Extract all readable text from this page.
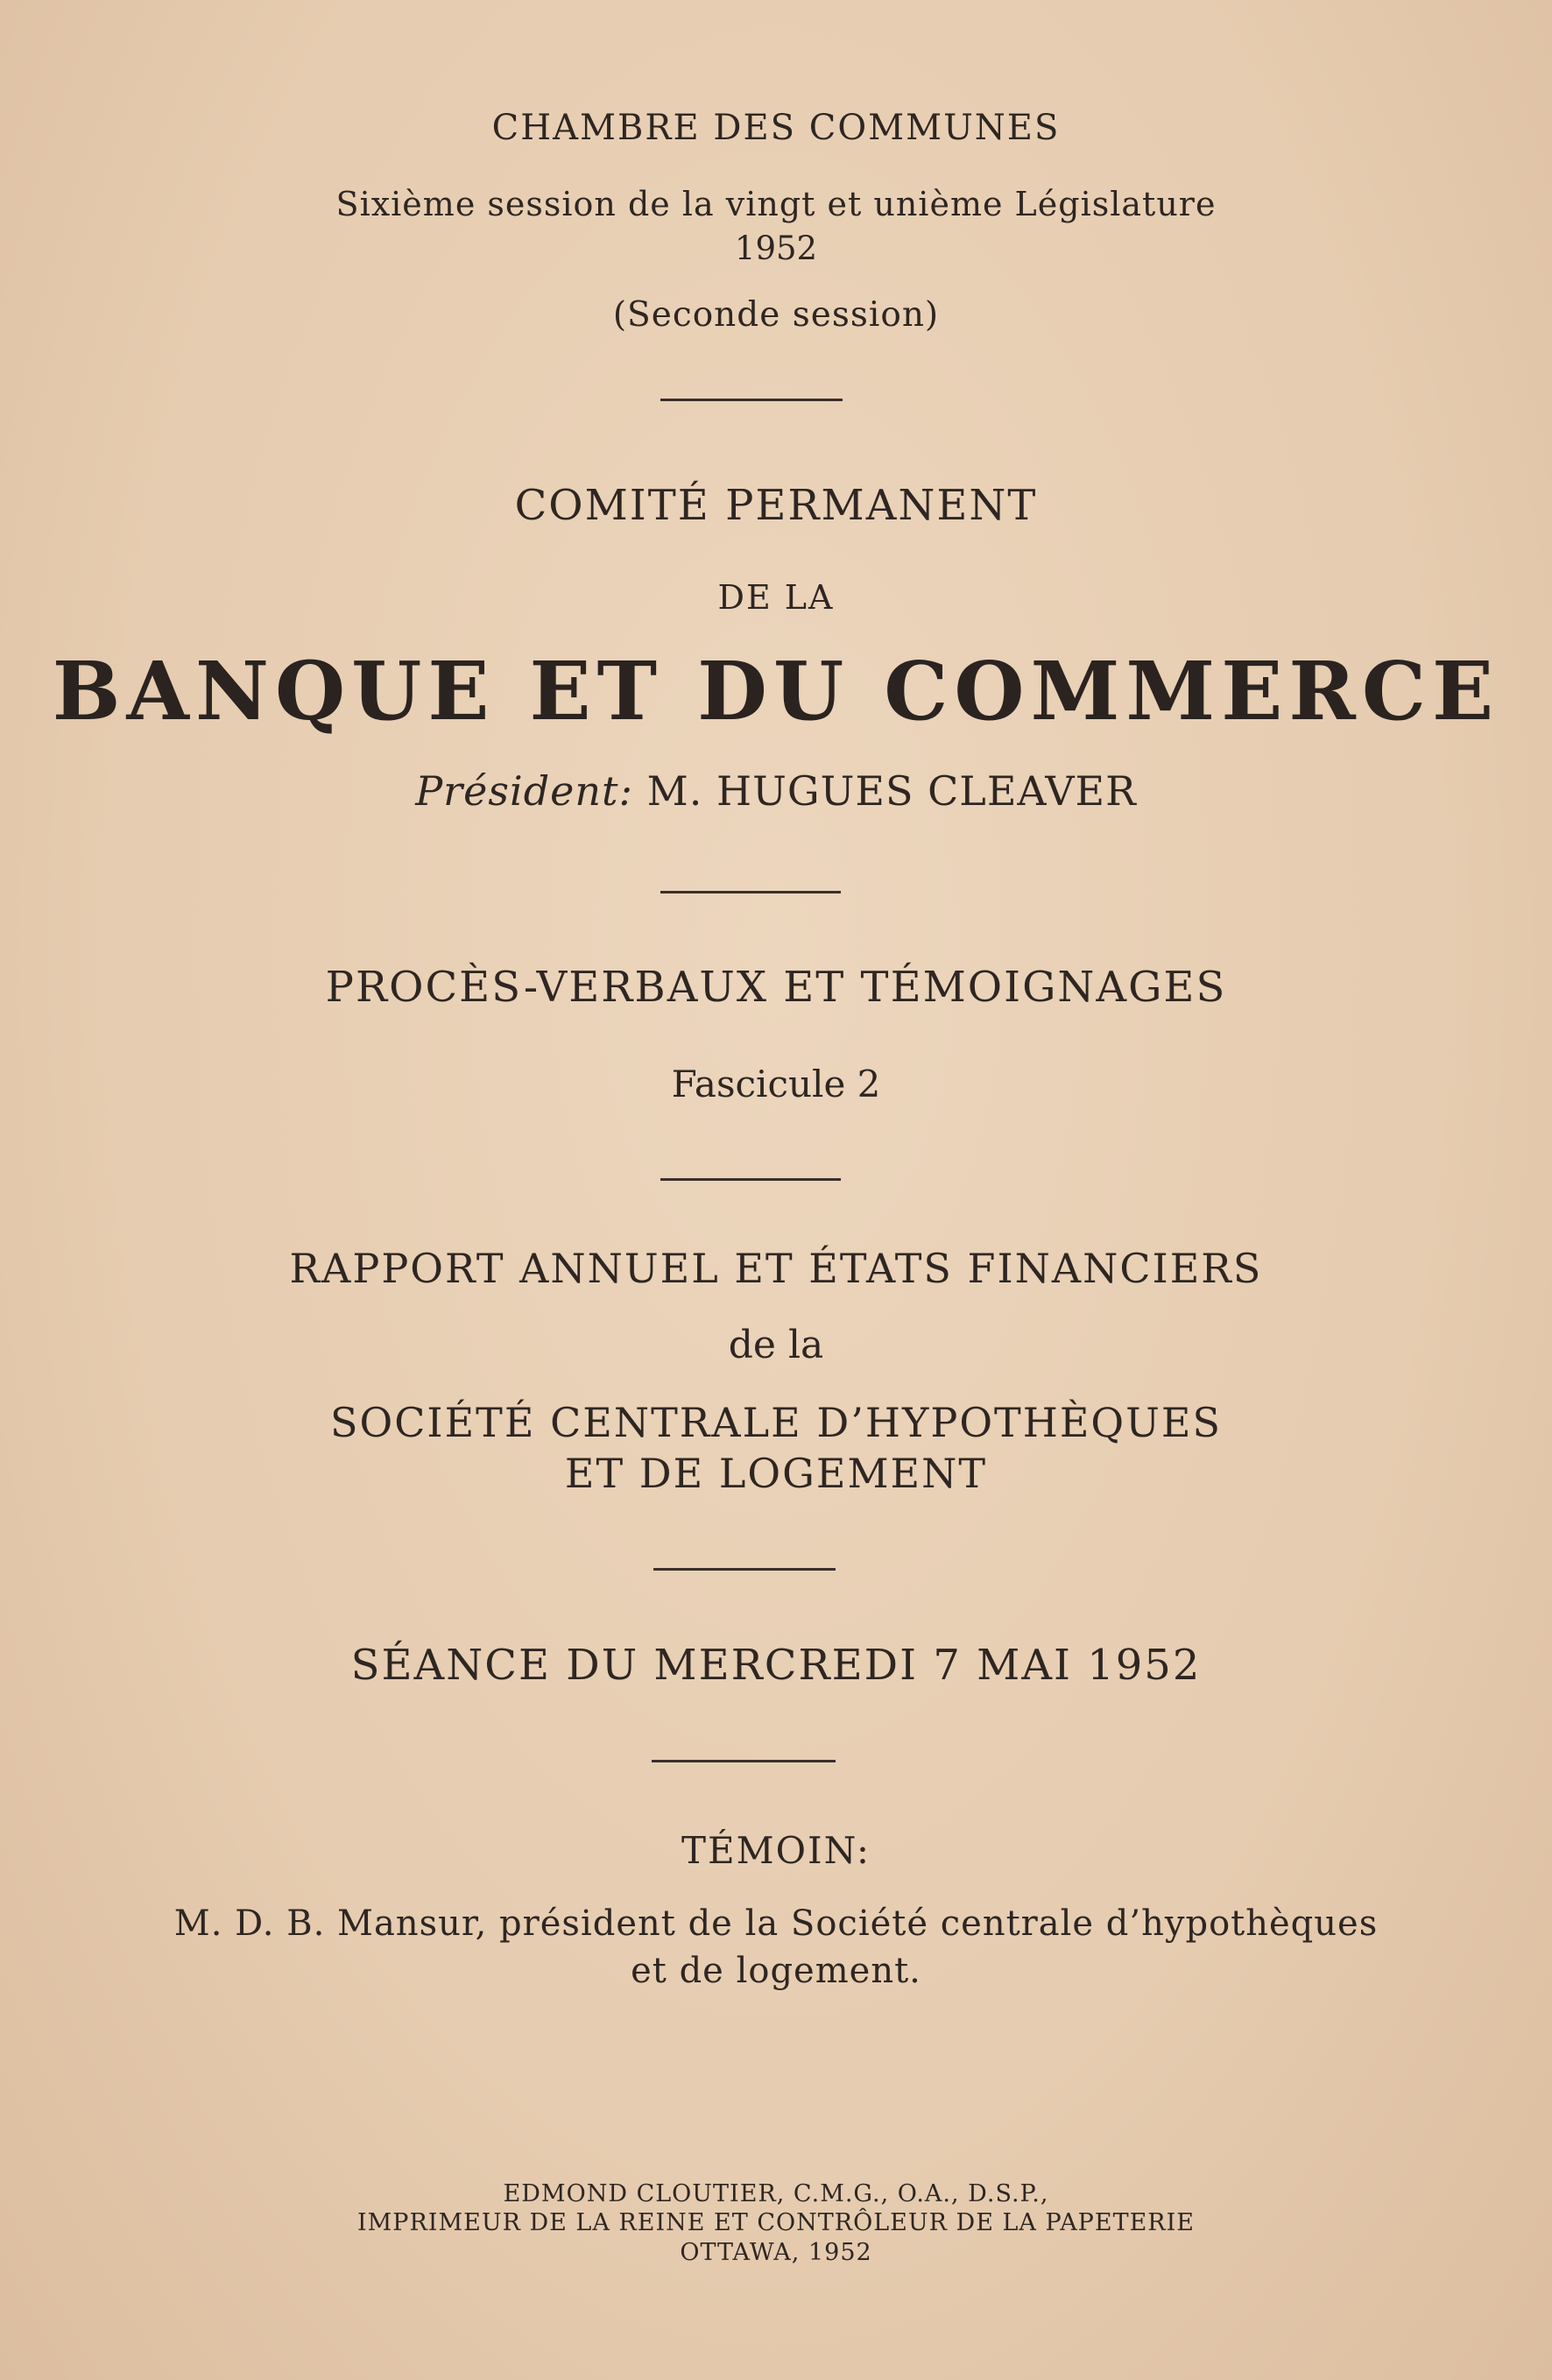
CHAMBRE DES COMMUNES
Sixième session de la vingt et unième Législature
1952
(Seconde session)
COMITÉ PERMANENT
DE LA
BANQUE ET DU COMMERCE
Président: M. HUGUES CLEAVER
PROCÈS-VERBAUX ET TÉMOIGNAGES
Fascicule 2
RAPPORT ANNUEL ET ÉTATS FINANCIERS
de la
SOCIÉTÉ CENTRALE D’HYPOTHÈQUES
ET DE LOGEMENT
SÉANCE DU MERCREDI 7 MAI 1952
TÉMOIN:
M. D. B. Mansur, président de la Société centrale d’hypothèques
et de logement.
EDMOND CLOUTIER, C.M.G., O.A., D.S.P.,
IMPRIMEUR DE LA REINE ET CONTRÔLEUR DE LA PAPETERIE
OTTAWA, 1952
